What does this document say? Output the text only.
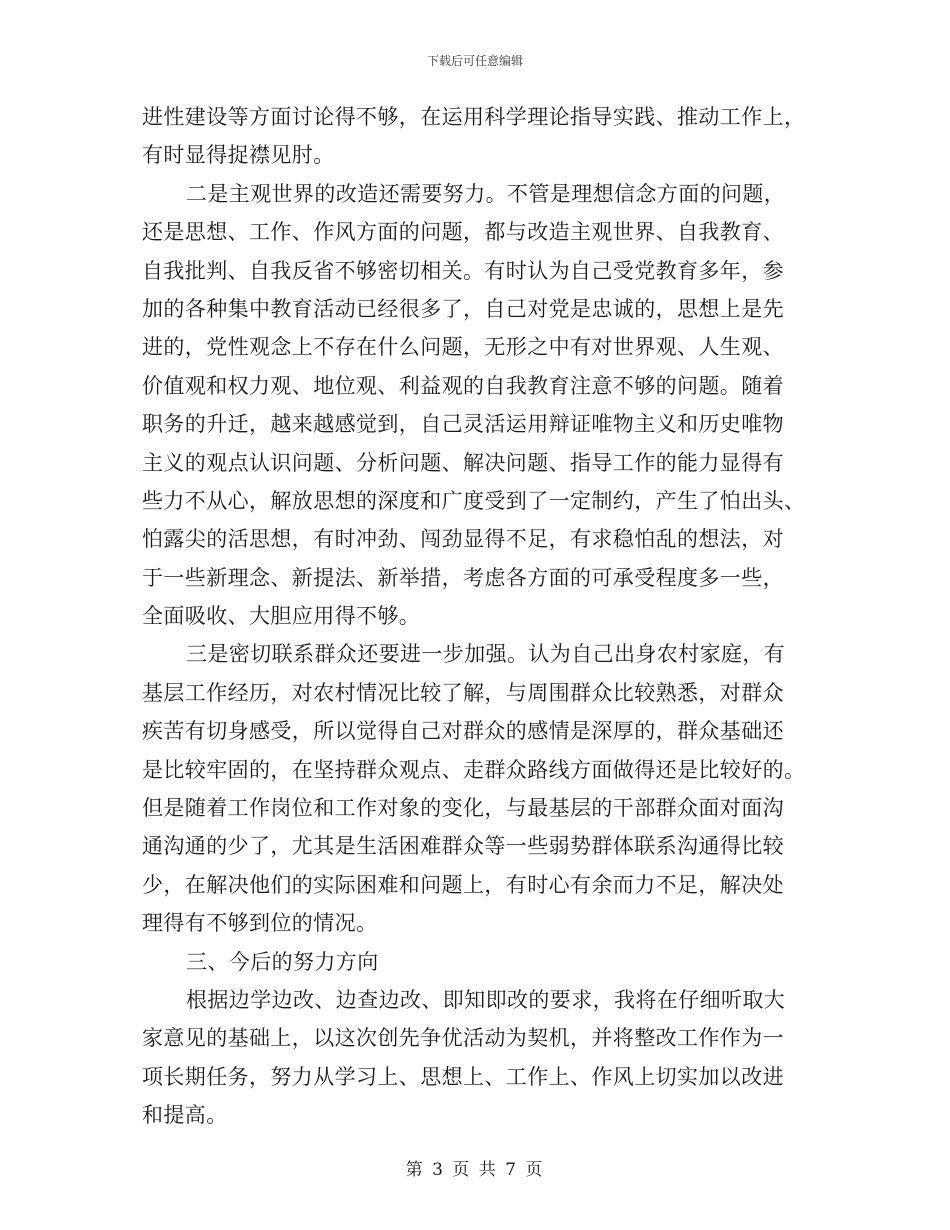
下载后可任意编辑
进性建设等方面讨论得不够，在运用科学理论指导实践、推动工作上，
有时显得捉襟见肘。
二是主观世界的改造还需要努力。不管是理想信念方面的问题，
还是思想、工作、作风方面的问题，都与改造主观世界、自我教育、
自我批判、自我反省不够密切相关。有时认为自己受党教育多年，参
加的各种集中教育活动已经很多了，自己对党是忠诚的，思想上是先
进的，党性观念上不存在什么问题，无形之中有对世界观、人生观、
价值观和权力观、地位观、利益观的自我教育注意不够的问题。随着
职务的升迁，越来越感觉到，自己灵活运用辩证唯物主义和历史唯物
主义的观点认识问题、分析问题、解决问题、指导工作的能力显得有
些力不从心，解放思想的深度和广度受到了一定制约，产生了怕出头、
怕露尖的活思想，有时冲劲、闯劲显得不足，有求稳怕乱的想法，对
于一些新理念、新提法、新举措，考虑各方面的可承受程度多一些，
全面吸收、大胆应用得不够。
三是密切联系群众还要进一步加强。认为自己出身农村家庭，有
基层工作经历，对农村情况比较了解，与周围群众比较熟悉，对群众
疾苦有切身感受，所以觉得自己对群众的感情是深厚的，群众基础还
是比较牢固的，在坚持群众观点、走群众路线方面做得还是比较好的。
但是随着工作岗位和工作对象的变化，与最基层的干部群众面对面沟
通沟通的少了，尤其是生活困难群众等一些弱势群体联系沟通得比较
少，在解决他们的实际困难和问题上，有时心有余而力不足，解决处
理得有不够到位的情况。
三、今后的努力方向
根据边学边改、边查边改、即知即改的要求，我将在仔细听取大
家意见的基础上，以这次创先争优活动为契机，并将整改工作作为一
项长期任务，努力从学习上、思想上、工作上、作风上切实加以改进
和提高。
第 3 页 共 7 页
